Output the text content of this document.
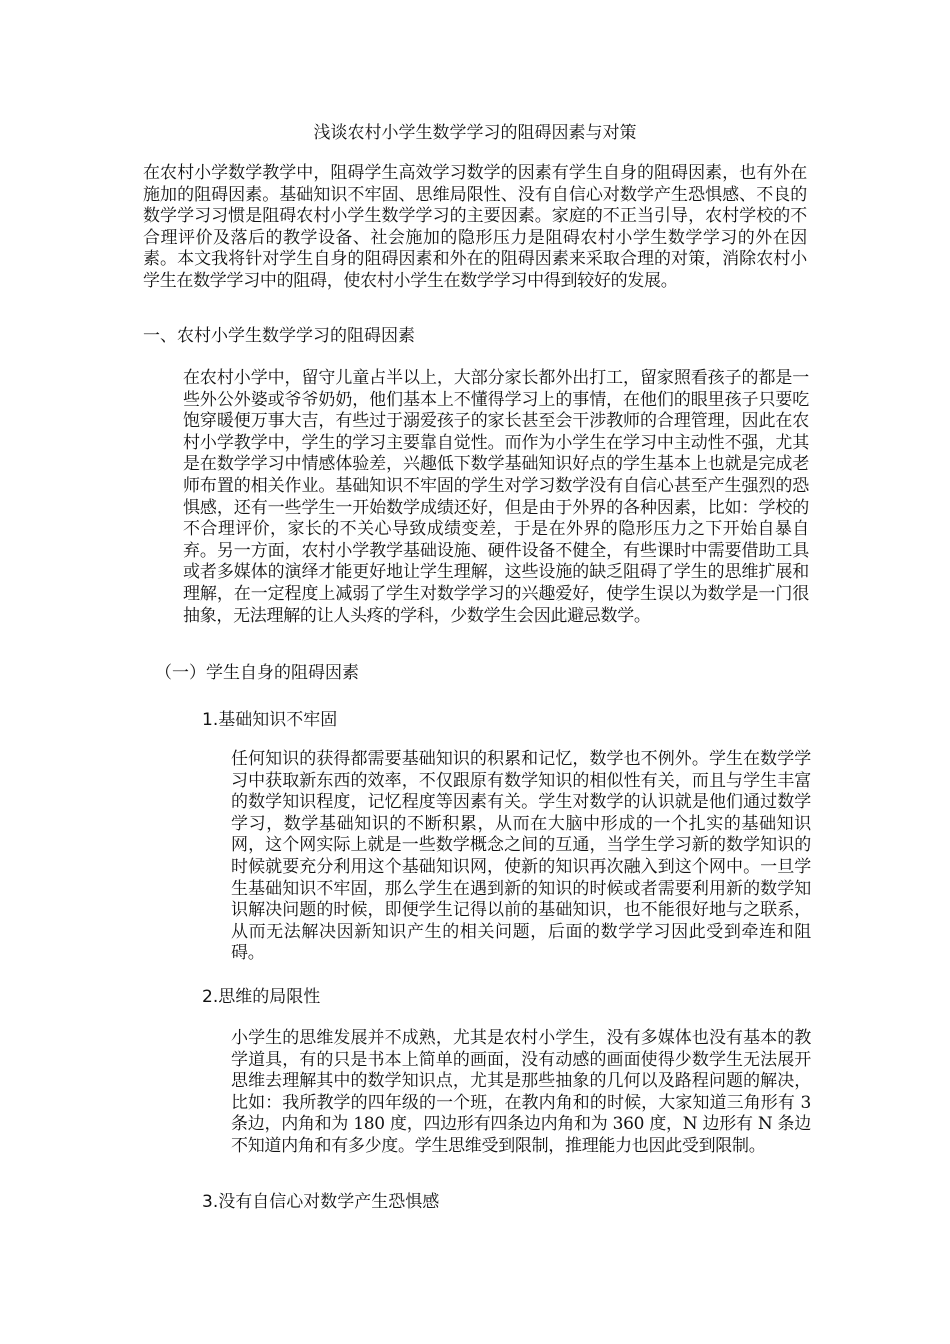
浅谈农村小学生数学学习的阻碍因素与对策

在农村小学数学教学中，阻碍学生高效学习数学的因素有学生自身的阻碍因素，也有外在施加的阻碍因素。基础知识不牢固、思维局限性、没有自信心对数学产生恐惧感、不良的数学学习习惯是阻碍农村小学生数学学习的主要因素。家庭的不正当引导，农村学校的不合理评价及落后的教学设备、社会施加的隐形压力是阻碍农村小学生数学学习的外在因素。本文我将针对学生自身的阻碍因素和外在的阻碍因素来采取合理的对策，消除农村小学生在数学学习中的阻碍，使农村小学生在数学学习中得到较好的发展。

一、农村小学生数学学习的阻碍因素

在农村小学中，留守儿童占半以上，大部分家长都外出打工，留家照看孩子的都是一些外公外婆或爷爷奶奶，他们基本上不懂得学习上的事情，在他们的眼里孩子只要吃饱穿暖便万事大吉，有些过于溺爱孩子的家长甚至会干涉教师的合理管理，因此在农村小学教学中，学生的学习主要靠自觉性。而作为小学生在学习中主动性不强，尤其是在数学学习中情感体验差，兴趣低下数学基础知识好点的学生基本上也就是完成老师布置的相关作业。基础知识不牢固的学生对学习数学没有自信心甚至产生强烈的恐惧感，还有一些学生一开始数学成绩还好，但是由于外界的各种因素，比如：学校的不合理评价，家长的不关心导致成绩变差，于是在外界的隐形压力之下开始自暴自弃。另一方面，农村小学教学基础设施、硬件设备不健全，有些课时中需要借助工具或者多媒体的演绎才能更好地让学生理解，这些设施的缺乏阻碍了学生的思维扩展和理解，在一定程度上减弱了学生对数学学习的兴趣爱好，使学生误以为数学是一门很抽象，无法理解的让人头疼的学科，少数学生会因此避忌数学。

（一）学生自身的阻碍因素
1.基础知识不牢固

任何知识的获得都需要基础知识的积累和记忆，数学也不例外。学生在数学学习中获取新东西的效率，不仅跟原有数学知识的相似性有关，而且与学生丰富的数学知识程度，记忆程度等因素有关。学生对数学的认识就是他们通过数学学习，数学基础知识的不断积累，从而在大脑中形成的一个扎实的基础知识网，这个网实际上就是一些数学概念之间的互通，当学生学习新的数学知识的时候就要充分利用这个基础知识网，使新的知识再次融入到这个网中。一旦学生基础知识不牢固，那么学生在遇到新的知识的时候或者需要利用新的数学知识解决问题的时候，即便学生记得以前的基础知识，也不能很好地与之联系，从而无法解决因新知识产生的相关问题，后面的数学学习因此受到牵连和阻碍。

2.思维的局限性

小学生的思维发展并不成熟，尤其是农村小学生，没有多媒体也没有基本的教学道具，有的只是书本上简单的画面，没有动感的画面使得少数学生无法展开思维去理解其中的数学知识点，尤其是那些抽象的几何以及路程问题的解决，比如：我所教学的四年级的一个班，在教内角和的时候，大家知道三角形有 3 条边，内角和为 180 度，四边形有四条边内角和为 360 度，N 边形有 N 条边不知道内角和有多少度。学生思维受到限制，推理能力也因此受到限制。

3.没有自信心对数学产生恐惧感
